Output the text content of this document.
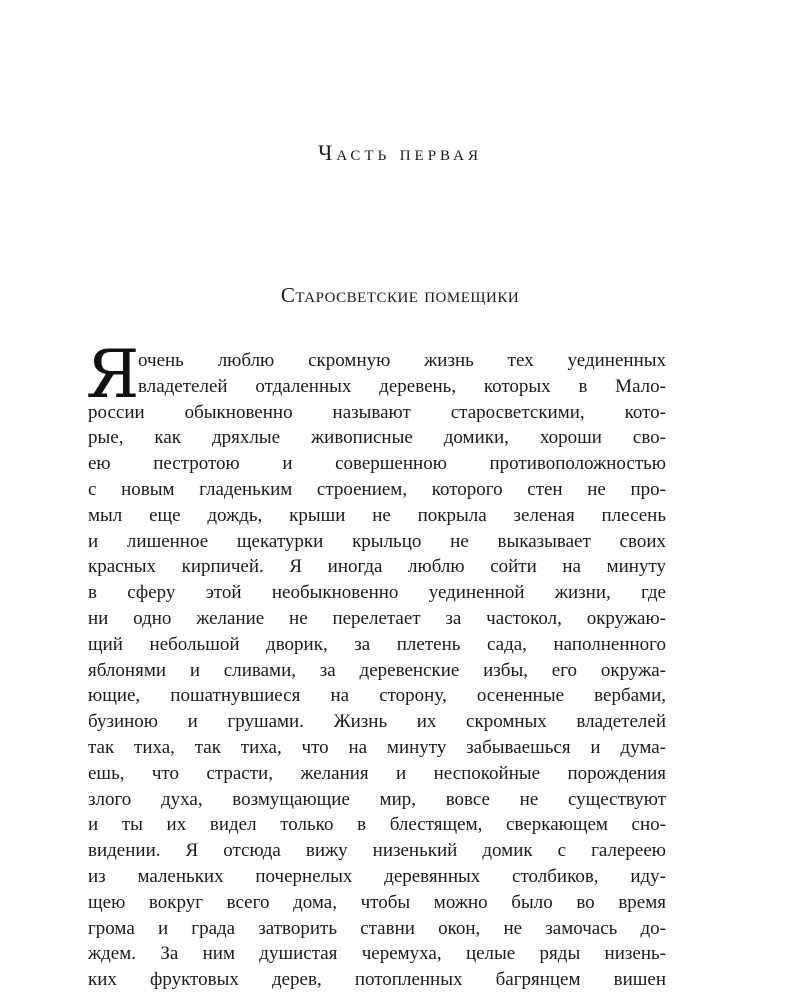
Часть первая
Старосветские помещики
Я
очень люблю скромную жизнь тех уединенных
владетелей отдаленных деревень, которых в Мало-
россии обыкновенно называют старосветскими, кото-
рые, как дряхлые живописные домики, хороши сво-
ею пестротою и совершенною противоположностью
с новым гладеньким строением, которого стен не про-
мыл еще дождь, крыши не покрыла зеленая плесень
и лишенное щекатурки крыльцо не выказывает своих
красных кирпичей. Я иногда люблю сойти на минуту
в сферу этой необыкновенно уединенной жизни, где
ни одно желание не перелетает за частокол, окружаю-
щий небольшой дворик, за плетень сада, наполненного
яблонями и сливами, за деревенские избы, его окружа-
ющие, пошатнувшиеся на сторону, осененные вербами,
бузиною и грушами. Жизнь их скромных владетелей
так тиха, так тиха, что на минуту забываешься и дума-
ешь, что страсти, желания и неспокойные порождения
злого духа, возмущающие мир, вовсе не существуют
и ты их видел только в блестящем, сверкающем сно-
видении. Я отсюда вижу низенький домик с галереею
из маленьких почернелых деревянных столбиков, иду-
щею вокруг всего дома, чтобы можно было во время
грома и града затворить ставни окон, не замочась до-
ждем. За ним душистая черемуха, целые ряды низень-
ких фруктовых дерев, потопленных багрянцем вишен
